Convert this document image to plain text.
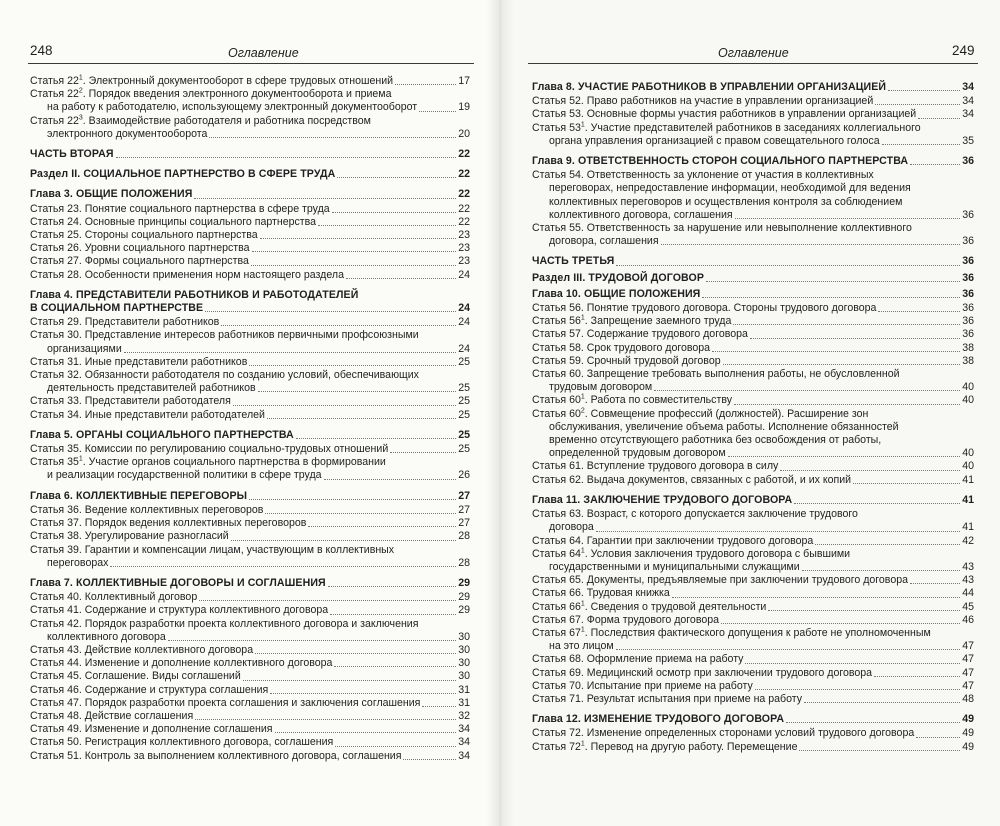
248	Оглавление
Статья $22^1$. Электронный документооборот в сфере трудовых отношений	17
Статья $22^2$. Порядок введения электронного документооборота и приема
на работу к работодателю, использующему электронный документооборот	19
Статья $22^3$. Взаимодействие работодателя и работника посредством
электронного документооборота	20
ЧАСТЬ ВТОРАЯ	22
Раздел II. СОЦИАЛЬНОЕ ПАРТНЕРСТВО В СФЕРЕ ТРУДА	22
Глава 3. ОБЩИЕ ПОЛОЖЕНИЯ	22
Статья 23. Понятие социального партнерства в сфере труда	22
Статья 24. Основные принципы социального партнерства	22
Статья 25. Стороны социального партнерства	23
Статья 26. Уровни социального партнерства	23
Статья 27. Формы социального партнерства	23
Статья 28. Особенности применения норм настоящего раздела	24
Глава 4. ПРЕДСТАВИТЕЛИ РАБОТНИКОВ И РАБОТОДАТЕЛЕЙ
В СОЦИАЛЬНОМ ПАРТНЕРСТВЕ	24
Статья 29. Представители работников	24
Статья 30. Представление интересов работников первичными профсоюзными
организациями	24
Статья 31. Иные представители работников	25
Статья 32. Обязанности работодателя по созданию условий, обеспечивающих
деятельность представителей работников	25
Статья 33. Представители работодателя	25
Статья 34. Иные представители работодателей	25
Глава 5. ОРГАНЫ СОЦИАЛЬНОГО ПАРТНЕРСТВА	25
Статья 35. Комиссии по регулированию социально-трудовых отношений	25
Статья $35^1$. Участие органов социального партнерства в формировании
и реализации государственной политики в сфере труда	26
Глава 6. КОЛЛЕКТИВНЫЕ ПЕРЕГОВОРЫ	27
Статья 36. Ведение коллективных переговоров	27
Статья 37. Порядок ведения коллективных переговоров	27
Статья 38. Урегулирование разногласий	28
Статья 39. Гарантии и компенсации лицам, участвующим в коллективных
переговорах	28
Глава 7. КОЛЛЕКТИВНЫЕ ДОГОВОРЫ И СОГЛАШЕНИЯ	29
Статья 40. Коллективный договор	29
Статья 41. Содержание и структура коллективного договора	29
Статья 42. Порядок разработки проекта коллективного договора и заключения
коллективного договора	30
Статья 43. Действие коллективного договора	30
Статья 44. Изменение и дополнение коллективного договора	30
Статья 45. Соглашение. Виды соглашений	30
Статья 46. Содержание и структура соглашения	31
Статья 47. Порядок разработки проекта соглашения и заключения соглашения	31
Статья 48. Действие соглашения	32
Статья 49. Изменение и дополнение соглашения	34
Статья 50. Регистрация коллективного договора, соглашения	34
Статья 51. Контроль за выполнением коллективного договора, соглашения	34
Оглавление	249
Глава 8. УЧАСТИЕ РАБОТНИКОВ В УПРАВЛЕНИИ ОРГАНИЗАЦИЕЙ	34
Статья 52. Право работников на участие в управлении организацией	34
Статья 53. Основные формы участия работников в управлении организацией	34
Статья $53^1$. Участие представителей работников в заседаниях коллегиального
органа управления организацией с правом совещательного голоса	35
Глава 9. ОТВЕТСТВЕННОСТЬ СТОРОН СОЦИАЛЬНОГО ПАРТНЕРСТВА	36
Статья 54. Ответственность за уклонение от участия в коллективных
переговорах, непредоставление информации, необходимой для ведения
коллективных переговоров и осуществления контроля за соблюдением
коллективного договора, соглашения	36
Статья 55. Ответственность за нарушение или невыполнение коллективного
договора, соглашения	36
ЧАСТЬ ТРЕТЬЯ	36
Раздел III. ТРУДОВОЙ ДОГОВОР	36
Глава 10. ОБЩИЕ ПОЛОЖЕНИЯ	36
Статья 56. Понятие трудового договора. Стороны трудового договора	36
Статья $56^1$. Запрещение заемного труда	36
Статья 57. Содержание трудового договора	36
Статья 58. Срок трудового договора	38
Статья 59. Срочный трудовой договор	38
Статья 60. Запрещение требовать выполнения работы, не обусловленной
трудовым договором	40
Статья $60^1$. Работа по совместительству	40
Статья $60^2$. Совмещение профессий (должностей). Расширение зон
обслуживания, увеличение объема работы. Исполнение обязанностей
временно отсутствующего работника без освобождения от работы,
определенной трудовым договором	40
Статья 61. Вступление трудового договора в силу	40
Статья 62. Выдача документов, связанных с работой, и их копий	41
Глава 11. ЗАКЛЮЧЕНИЕ ТРУДОВОГО ДОГОВОРА	41
Статья 63. Возраст, с которого допускается заключение трудового
договора	41
Статья 64. Гарантии при заключении трудового договора	42
Статья $64^1$. Условия заключения трудового договора с бывшими
государственными и муниципальными служащими	43
Статья 65. Документы, предъявляемые при заключении трудового договора	43
Статья 66. Трудовая книжка	44
Статья $66^1$. Сведения о трудовой деятельности	45
Статья 67. Форма трудового договора	46
Статья $67^1$. Последствия фактического допущения к работе не уполномоченным
на это лицом	47
Статья 68. Оформление приема на работу	47
Статья 69. Медицинский осмотр при заключении трудового договора	47
Статья 70. Испытание при приеме на работу	47
Статья 71. Результат испытания при приеме на работу	48
Глава 12. ИЗМЕНЕНИЕ ТРУДОВОГО ДОГОВОРА	49
Статья 72. Изменение определенных сторонами условий трудового договора	49
Статья $72^1$. Перевод на другую работу. Перемещение	49
